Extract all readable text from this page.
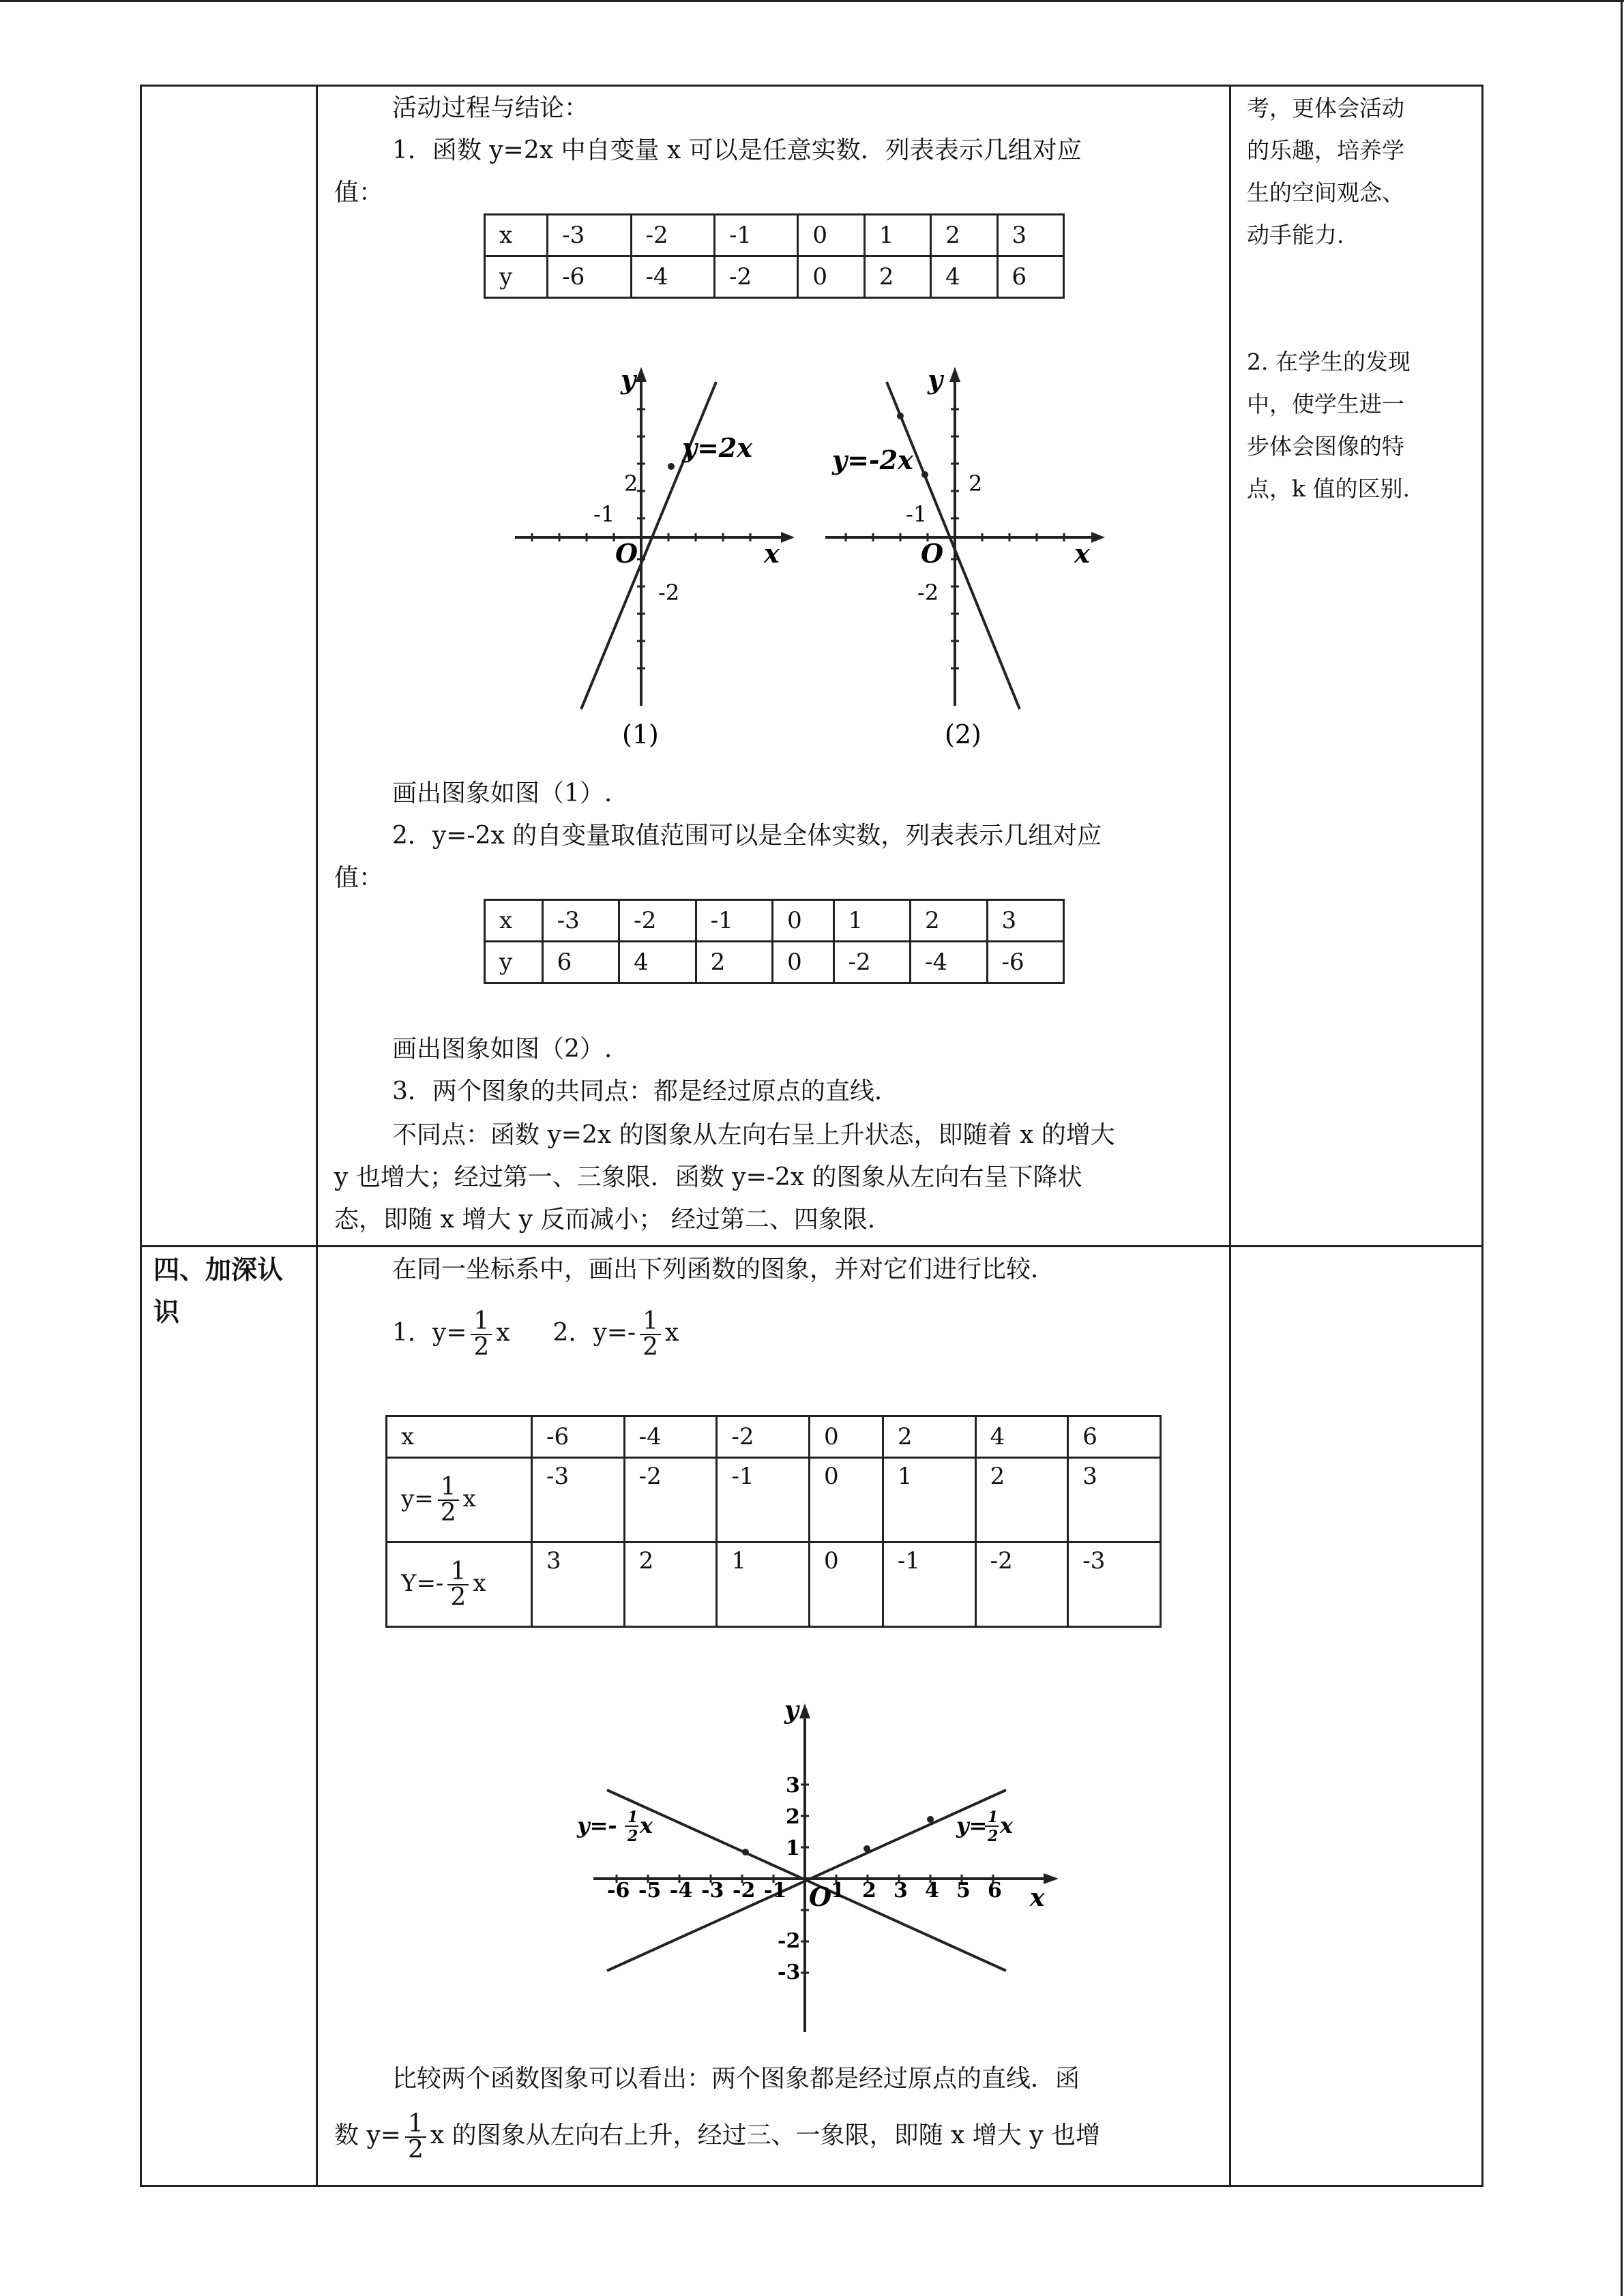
活动过程与结论：
1．函数 y=2x 中自变量 x 可以是任意实数．列表表示几组对应
值：
x	-3	-2	-1	0	1	2	3
y	-6	-4	-2	0	2	4	6
y
x
O
y=2x
2
-2
-1
(1)
y
x
O
y=-2x
2
-2
-1
(2)
画出图象如图（1）.
2．y=-2x 的自变量取值范围可以是全体实数，列表表示几组对应
值：
x	-3	-2	-1	0	1	2	3
y	6	4	2	0	-2	-4	-6
画出图象如图（2）.
3．两个图象的共同点：都是经过原点的直线．
不同点：函数 y=2x 的图象从左向右呈上升状态，即随着 x 的增大
y 也增大；经过第一、三象限．函数 y=-2x 的图象从左向右呈下降状
态，即随 x 增大 y 反而减小； 经过第二、四象限．
考，更体会活动
的乐趣，培养学
生的空间观念、
动手能力.
2. 在学生的发现
中，使学生进一
步体会图像的特
点，k 值的区别.
四、加深认
识
在同一坐标系中，画出下列函数的图象，并对它们进行比较．
1．$y= \frac{1}{2}$ x 2．$y=- \frac{1}{2}$ x
x	-6	-4	-2	0	2	4	6
$y= \frac{1}{2}$ x	-3	-2	-1	0	1	2	3
$Y=- \frac{1}{2}$ x	3	2	1	0	-1	-2	-3
y
x
O
-6 -5 -4 -3 -2 -1 1 2 3 4 5 6
3
2
1
-2
-3
y=- 1
2 x	y= 1
2 x
比较两个函数图象可以看出：两个图象都是经过原点的直线．函
数 $y= \frac{1}{2}$ x 的图象从左向右上升，经过三、一象限，即随 x 增大 y 也增
